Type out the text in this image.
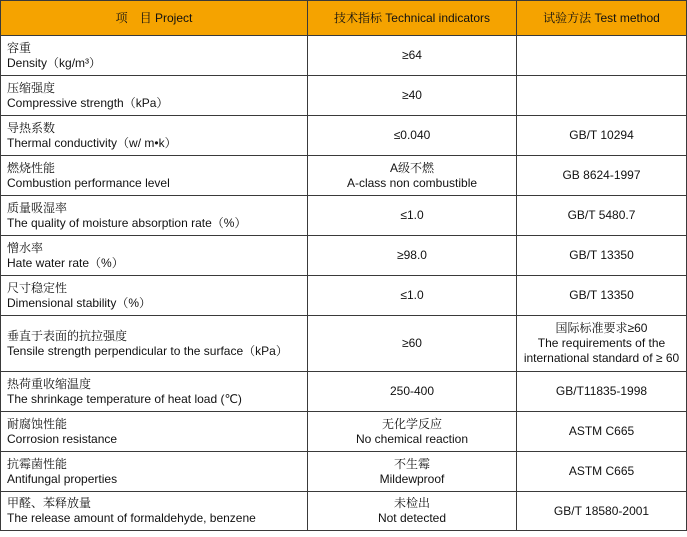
项　目 Project	技术指标 Technical indicators	试验方法 Test method

容重
Density（kg/m³）	≥64	

压缩强度
Compressive strength（kPa）	≥40	

导热系数
Thermal conductivity（w/ m•k）	≤0.040	GB/T 10294

燃烧性能
Combustion performance level	A级不燃
A-class non combustible	GB 8624-1997

质量吸湿率
The quality of moisture absorption rate（%）	≤1.0	GB/T 5480.7

憎水率
Hate water rate（%）	≥98.0	GB/T 13350

尺寸稳定性
Dimensional stability（%）	≤1.0	GB/T 13350

垂直于表面的抗拉强度
Tensile strength perpendicular to the surface（kPa）	≥60	国际标准要求≥60
The requirements of the
international standard of ≥ 60

热荷重收缩温度
The shrinkage temperature of heat load (℃)	250-400	GB/T11835-1998

耐腐蚀性能
Corrosion resistance	无化学反应
No chemical reaction	ASTM C665

抗霉菌性能
Antifungal properties	不生霉
Mildewproof	ASTM C665

甲醛、苯释放量
The release amount of formaldehyde, benzene	未检出
Not detected	GB/T 18580-2001
